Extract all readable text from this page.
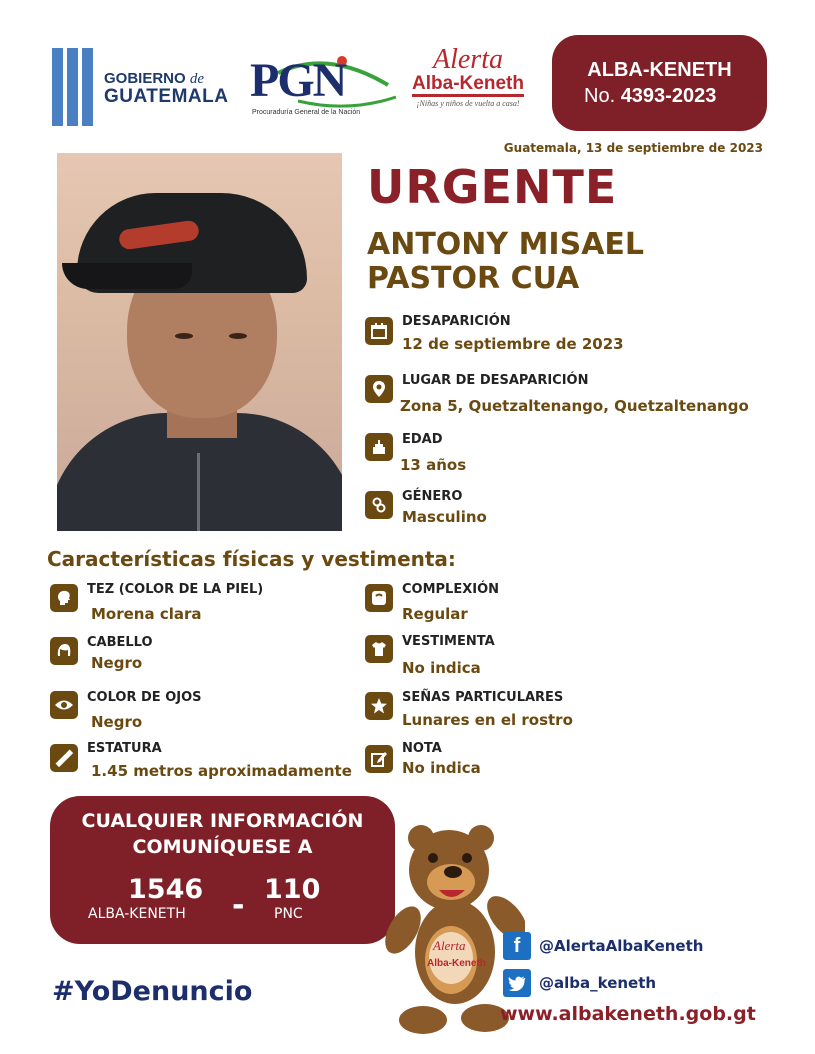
GOBIERNO de
GUATEMALA PGN
Procuraduría General de la Nación
Alerta
Alba-Keneth
¡Niñas y niños de vuelta a casa!
ALBA-KENETH
No. 4393-2023
Guatemala, 13 de septiembre de 2023
URGENTE
ANTONY MISAEL
PASTOR CUA
DESAPARICIÓN
12 de septiembre de 2023
LUGAR DE DESAPARICIÓN
Zona 5, Quetzaltenango, Quetzaltenango
EDAD
13 años
GÉNERO
Masculino
Características físicas y vestimenta:
TEZ (COLOR DE LA PIEL)
Morena clara
CABELLO
Negro
COLOR DE OJOS
Negro
ESTATURA
1.45 metros aproximadamente
COMPLEXIÓN
Regular
VESTIMENTA
No indica
SEÑAS PARTICULARES
Lunares en el rostro
NOTA
No indica
CUALQUIER INFORMACIÓN
COMUNÍQUESE A
1546
ALBA-KENETH - 110
PNC
#YoDenuncio
Alerta
Alba-Keneth
f	@AlertaAlbaKeneth
@alba_keneth
www.albakeneth.gob.gt
